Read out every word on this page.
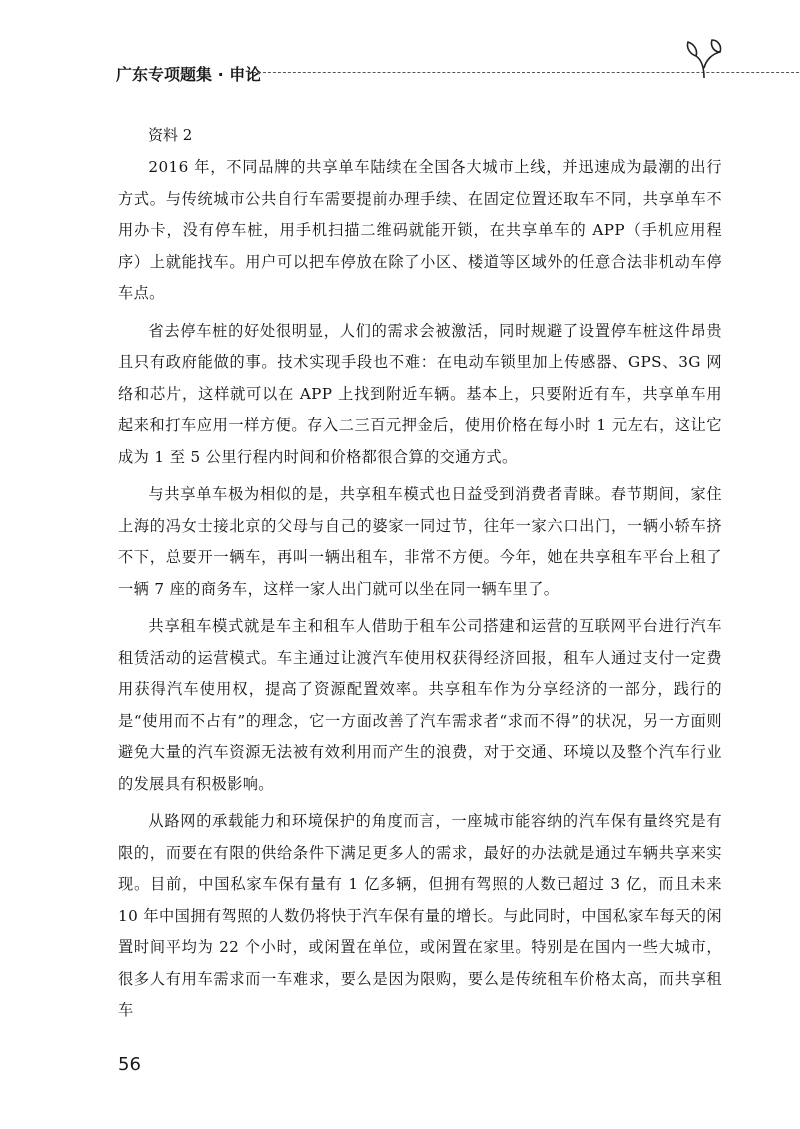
广东专项题集 · 申论
资料 2

2016 年，不同品牌的共享单车陆续在全国各大城市上线，并迅速成为最潮的出行方式。与传统城市公共自行车需要提前办理手续、在固定位置还取车不同，共享单车不用办卡，没有停车桩，用手机扫描二维码就能开锁，在共享单车的 APP（手机应用程序）上就能找车。用户可以把车停放在除了小区、楼道等区域外的任意合法非机动车停车点。

省去停车桩的好处很明显，人们的需求会被激活，同时规避了设置停车桩这件昂贵且只有政府能做的事。技术实现手段也不难：在电动车锁里加上传感器、GPS、3G 网络和芯片，这样就可以在 APP 上找到附近车辆。基本上，只要附近有车，共享单车用起来和打车应用一样方便。存入二三百元押金后，使用价格在每小时 1 元左右，这让它成为 1 至 5 公里行程内时间和价格都很合算的交通方式。

与共享单车极为相似的是，共享租车模式也日益受到消费者青睐。春节期间，家住上海的冯女士接北京的父母与自己的婆家一同过节，往年一家六口出门，一辆小轿车挤不下，总要开一辆车，再叫一辆出租车，非常不方便。今年，她在共享租车平台上租了一辆 7 座的商务车，这样一家人出门就可以坐在同一辆车里了。

共享租车模式就是车主和租车人借助于租车公司搭建和运营的互联网平台进行汽车租赁活动的运营模式。车主通过让渡汽车使用权获得经济回报，租车人通过支付一定费用获得汽车使用权，提高了资源配置效率。共享租车作为分享经济的一部分，践行的是“使用而不占有”的理念，它一方面改善了汽车需求者“求而不得”的状况，另一方面则避免大量的汽车资源无法被有效利用而产生的浪费，对于交通、环境以及整个汽车行业的发展具有积极影响。

从路网的承载能力和环境保护的角度而言，一座城市能容纳的汽车保有量终究是有限的，而要在有限的供给条件下满足更多人的需求，最好的办法就是通过车辆共享来实现。目前，中国私家车保有量有 1 亿多辆，但拥有驾照的人数已超过 3 亿，而且未来 10 年中国拥有驾照的人数仍将快于汽车保有量的增长。与此同时，中国私家车每天的闲置时间平均为 22 个小时，或闲置在单位，或闲置在家里。特别是在国内一些大城市，很多人有用车需求而一车难求，要么是因为限购，要么是传统租车价格太高，而共享租车

56
